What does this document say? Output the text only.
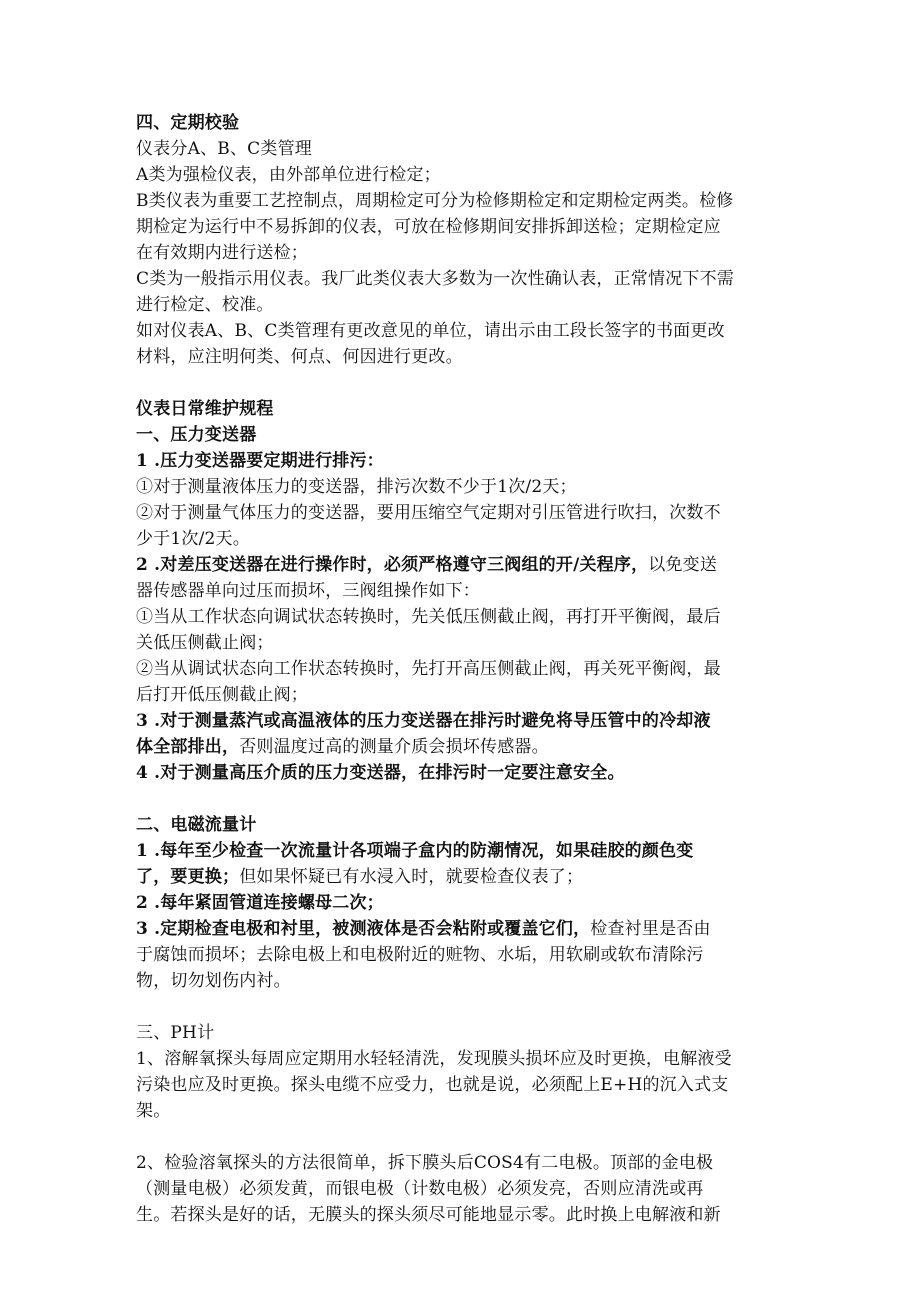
四、定期校验
仪表分A、B、C类管理
A类为强检仪表，由外部单位进行检定；
B类仪表为重要工艺控制点，周期检定可分为检修期检定和定期检定两类。检修
期检定为运行中不易拆卸的仪表，可放在检修期间安排拆卸送检；定期检定应
在有效期内进行送检；
C类为一般指示用仪表。我厂此类仪表大多数为一次性确认表，正常情况下不需
进行检定、校准。
如对仪表A、B、C类管理有更改意见的单位，请出示由工段长签字的书面更改
材料，应注明何类、何点、何因进行更改。
仪表日常维护规程
一、压力变送器
1 .压力变送器要定期进行排污：
①对于测量液体压力的变送器，排污次数不少于1次/2天；
②对于测量气体压力的变送器，要用压缩空气定期对引压管进行吹扫，次数不
少于1次/2天。
2 .对差压变送器在进行操作时，必须严格遵守三阀组的开/关程序，以免变送
器传感器单向过压而损坏，三阀组操作如下：
①当从工作状态向调试状态转换时，先关低压侧截止阀，再打开平衡阀，最后
关低压侧截止阀；
②当从调试状态向工作状态转换时，先打开高压侧截止阀，再关死平衡阀，最
后打开低压侧截止阀；
3 .对于测量蒸汽或高温液体的压力变送器在排污时避免将导压管中的冷却液
体全部排出，否则温度过高的测量介质会损坏传感器。
4 .对于测量高压介质的压力变送器，在排污时一定要注意安全。
二、电磁流量计
1 .每年至少检查一次流量计各项端子盒内的防潮情况，如果硅胶的颜色变
了，要更换；但如果怀疑已有水浸入时，就要检查仪表了；
2 .每年紧固管道连接螺母二次；
3 .定期检查电极和衬里，被测液体是否会粘附或覆盖它们，检查衬里是否由
于腐蚀而损坏；去除电极上和电极附近的赃物、水垢，用软刷或软布清除污
物，切勿划伤内衬。
三、PH计
1、溶解氧探头每周应定期用水轻轻清洗，发现膜头损坏应及时更换，电解液受
污染也应及时更换。探头电缆不应受力，也就是说，必须配上E+H的沉入式支
架。
2、检验溶氧探头的方法很简单，拆下膜头后COS4有二电极。顶部的金电极
（测量电极）必须发黄，而银电极（计数电极）必须发亮，否则应清洗或再
生。若探头是好的话，无膜头的探头须尽可能地显示零。此时换上电解液和新
